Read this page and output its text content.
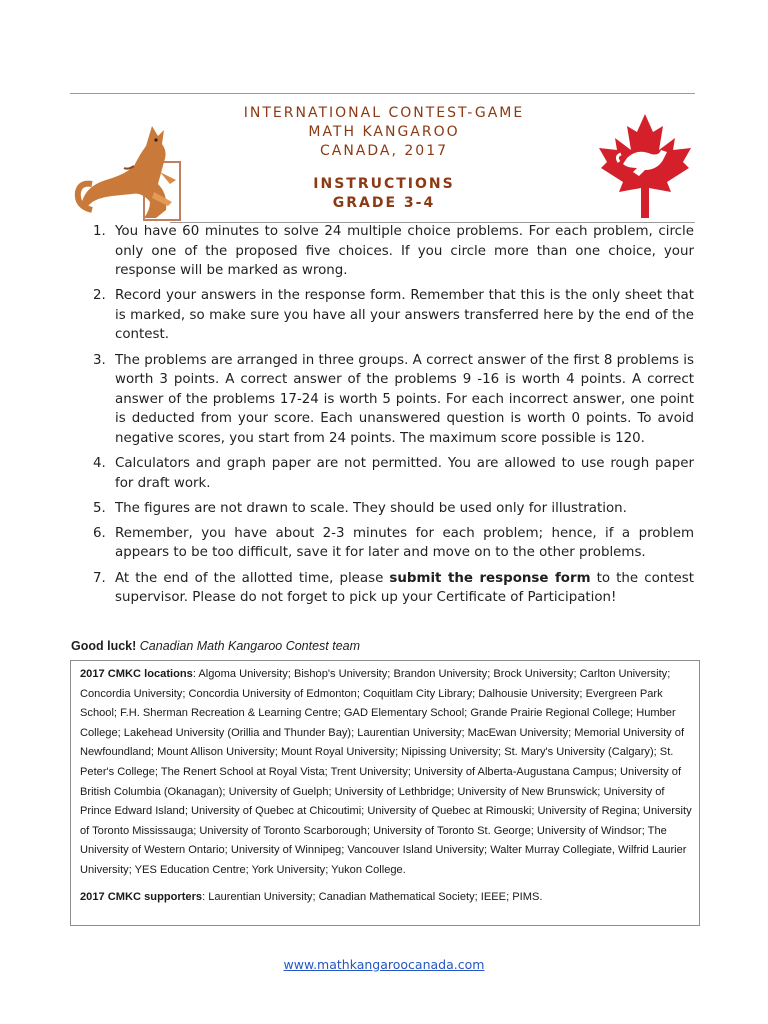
INTERNATIONAL CONTEST-GAME
MATH KANGAROO
CANADA, 2017
INSTRUCTIONS
GRADE 3-4
1. You have 60 minutes to solve 24 multiple choice problems. For each problem, circle only one of the proposed five choices. If you circle more than one choice, your response will be marked as wrong.
2. Record your answers in the response form. Remember that this is the only sheet that is marked, so make sure you have all your answers transferred here by the end of the contest.
3. The problems are arranged in three groups. A correct answer of the first 8 problems is worth 3 points. A correct answer of the problems 9 -16 is worth 4 points. A correct answer of the problems 17-24 is worth 5 points. For each incorrect answer, one point is deducted from your score. Each unanswered question is worth 0 points. To avoid negative scores, you start from 24 points. The maximum score possible is 120.
4. Calculators and graph paper are not permitted. You are allowed to use rough paper for draft work.
5. The figures are not drawn to scale. They should be used only for illustration.
6. Remember, you have about 2-3 minutes for each problem; hence, if a problem appears to be too difficult, save it for later and move on to the other problems.
7. At the end of the allotted time, please submit the response form to the contest supervisor. Please do not forget to pick up your Certificate of Participation!
Good luck! Canadian Math Kangaroo Contest team

2017 CMKC locations: Algoma University; Bishop's University; Brandon University; Brock University; Carlton University; Concordia University; Concordia University of Edmonton; Coquitlam City Library; Dalhousie University; Evergreen Park School; F.H. Sherman Recreation & Learning Centre; GAD Elementary School; Grande Prairie Regional College; Humber College; Lakehead University (Orillia and Thunder Bay); Laurentian University; MacEwan University; Memorial University of Newfoundland; Mount Allison University; Mount Royal University; Nipissing University; St. Mary's University (Calgary); St. Peter's College; The Renert School at Royal Vista; Trent University; University of Alberta-Augustana Campus; University of British Columbia (Okanagan); University of Guelph; University of Lethbridge; University of New Brunswick; University of Prince Edward Island; University of Quebec at Chicoutimi; University of Quebec at Rimouski; University of Regina; University of Toronto Mississauga; University of Toronto Scarborough; University of Toronto St. George; University of Windsor; The University of Western Ontario; University of Winnipeg; Vancouver Island University; Walter Murray Collegiate, Wilfrid Laurier University; YES Education Centre; York University; Yukon College.

2017 CMKC supporters: Laurentian University; Canadian Mathematical Society; IEEE; PIMS.

www.mathkangaroocanada.com
